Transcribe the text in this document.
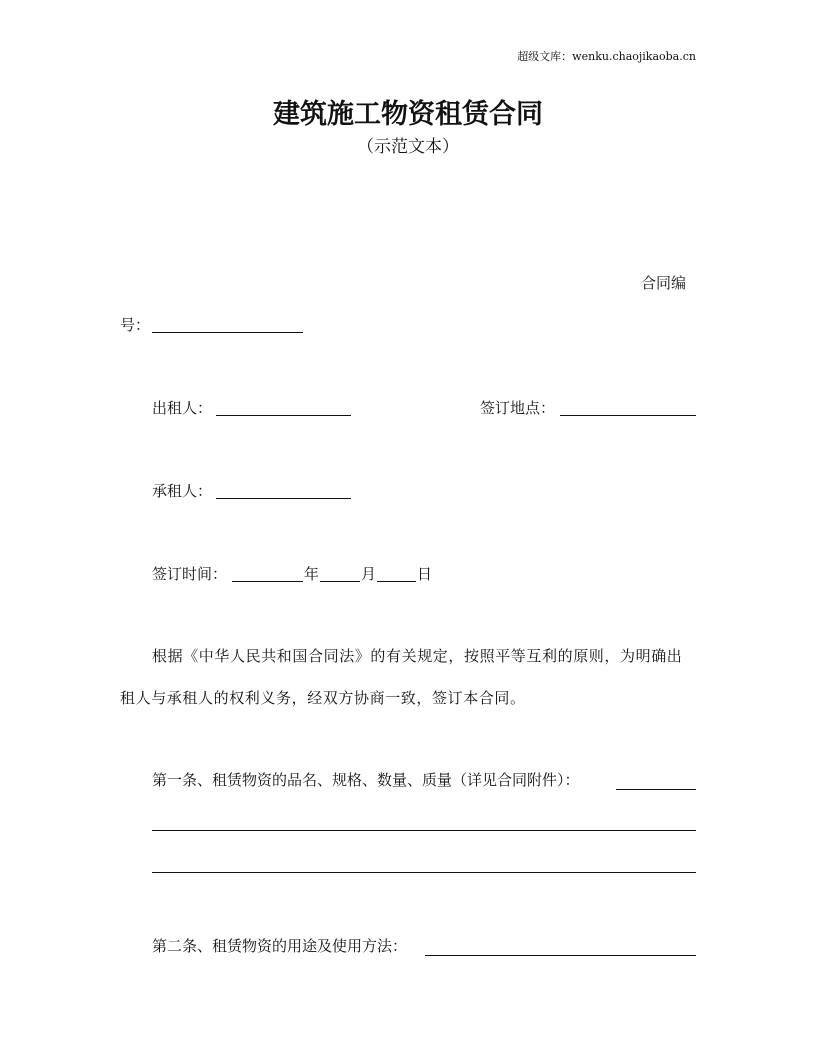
超级文库：wenku.chaojikaoba.cn
建筑施工物资租赁合同
（示范文本）
合同编
号：
出租人：	签订地点：
承租人：
签订时间：	年	月	日
根据《中华人民共和国合同法》的有关规定，按照平等互利的原则，为明确出
租人与承租人的权利义务，经双方协商一致，签订本合同。
第一条、租赁物资的品名、规格、数量、质量（详见合同附件）：
第二条、租赁物资的用途及使用方法：
